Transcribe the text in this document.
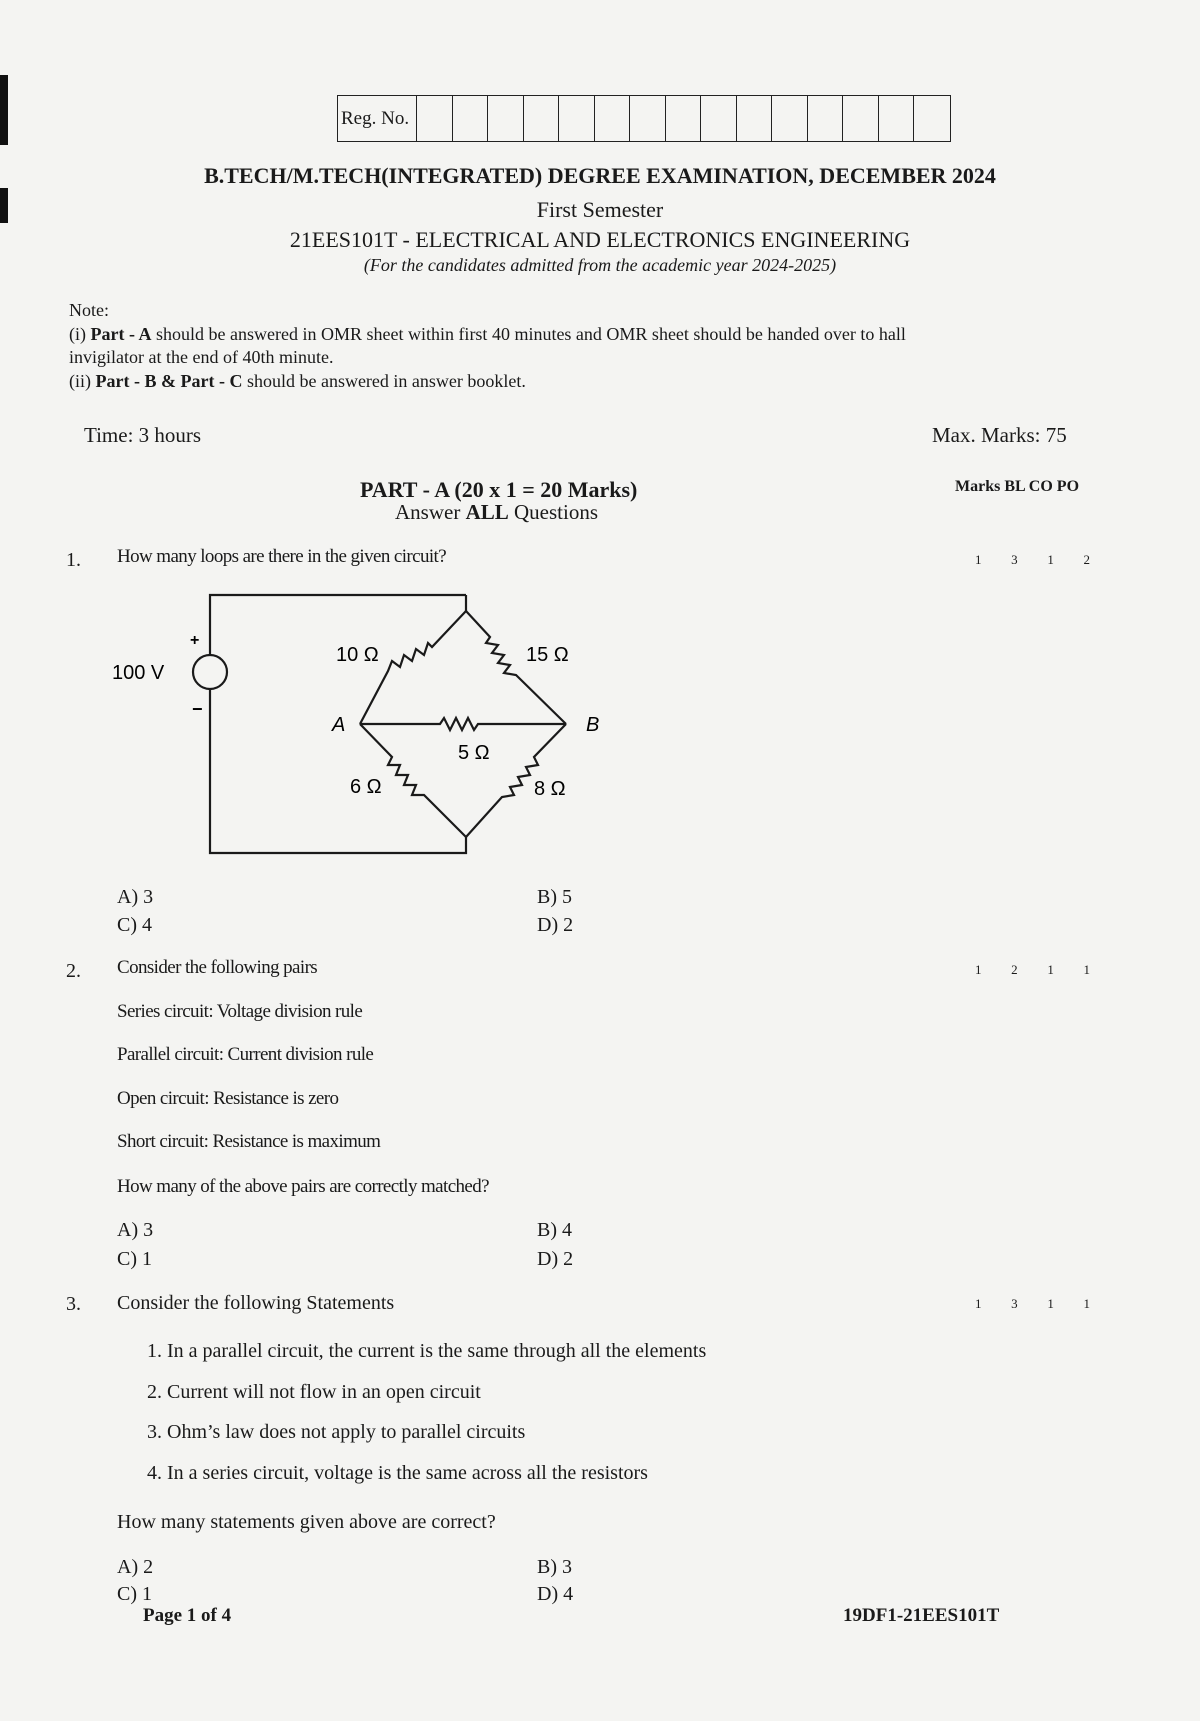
Reg. No.
B.TECH/M.TECH(INTEGRATED) DEGREE EXAMINATION, DECEMBER 2024
First Semester
21EES101T - ELECTRICAL AND ELECTRONICS ENGINEERING
(For the candidates admitted from the academic year 2024-2025)
Note:
(i) Part - A should be answered in OMR sheet within first 40 minutes and OMR sheet should be handed over to hall
invigilator at the end of 40th minute.
(ii) Part - B & Part - C should be answered in answer booklet.
Time: 3 hours	Max. Marks: 75
PART - A (20 x 1 = 20 Marks)
Answer ALL Questions
Marks BL CO PO
1. How many loops are there in the given circuit?	1 3 1 2
+
−
100 V
10 Ω	15 Ω
5 Ω
6 Ω	8 Ω
A	B
A) 3	B) 5
C) 4	D) 2
2. Consider the following pairs	1 2 1 1
Series circuit: Voltage division rule
Parallel circuit: Current division rule
Open circuit: Resistance is zero
Short circuit: Resistance is maximum
How many of the above pairs are correctly matched?
A) 3	B) 4
C) 1	D) 2
3. Consider the following Statements	1 3 1 1
1. In a parallel circuit, the current is the same through all the elements
2. Current will not flow in an open circuit
3. Ohm’s law does not apply to parallel circuits
4. In a series circuit, voltage is the same across all the resistors
How many statements given above are correct?
A) 2	B) 3
C) 1	D) 4
Page 1 of 4	19DF1-21EES101T
